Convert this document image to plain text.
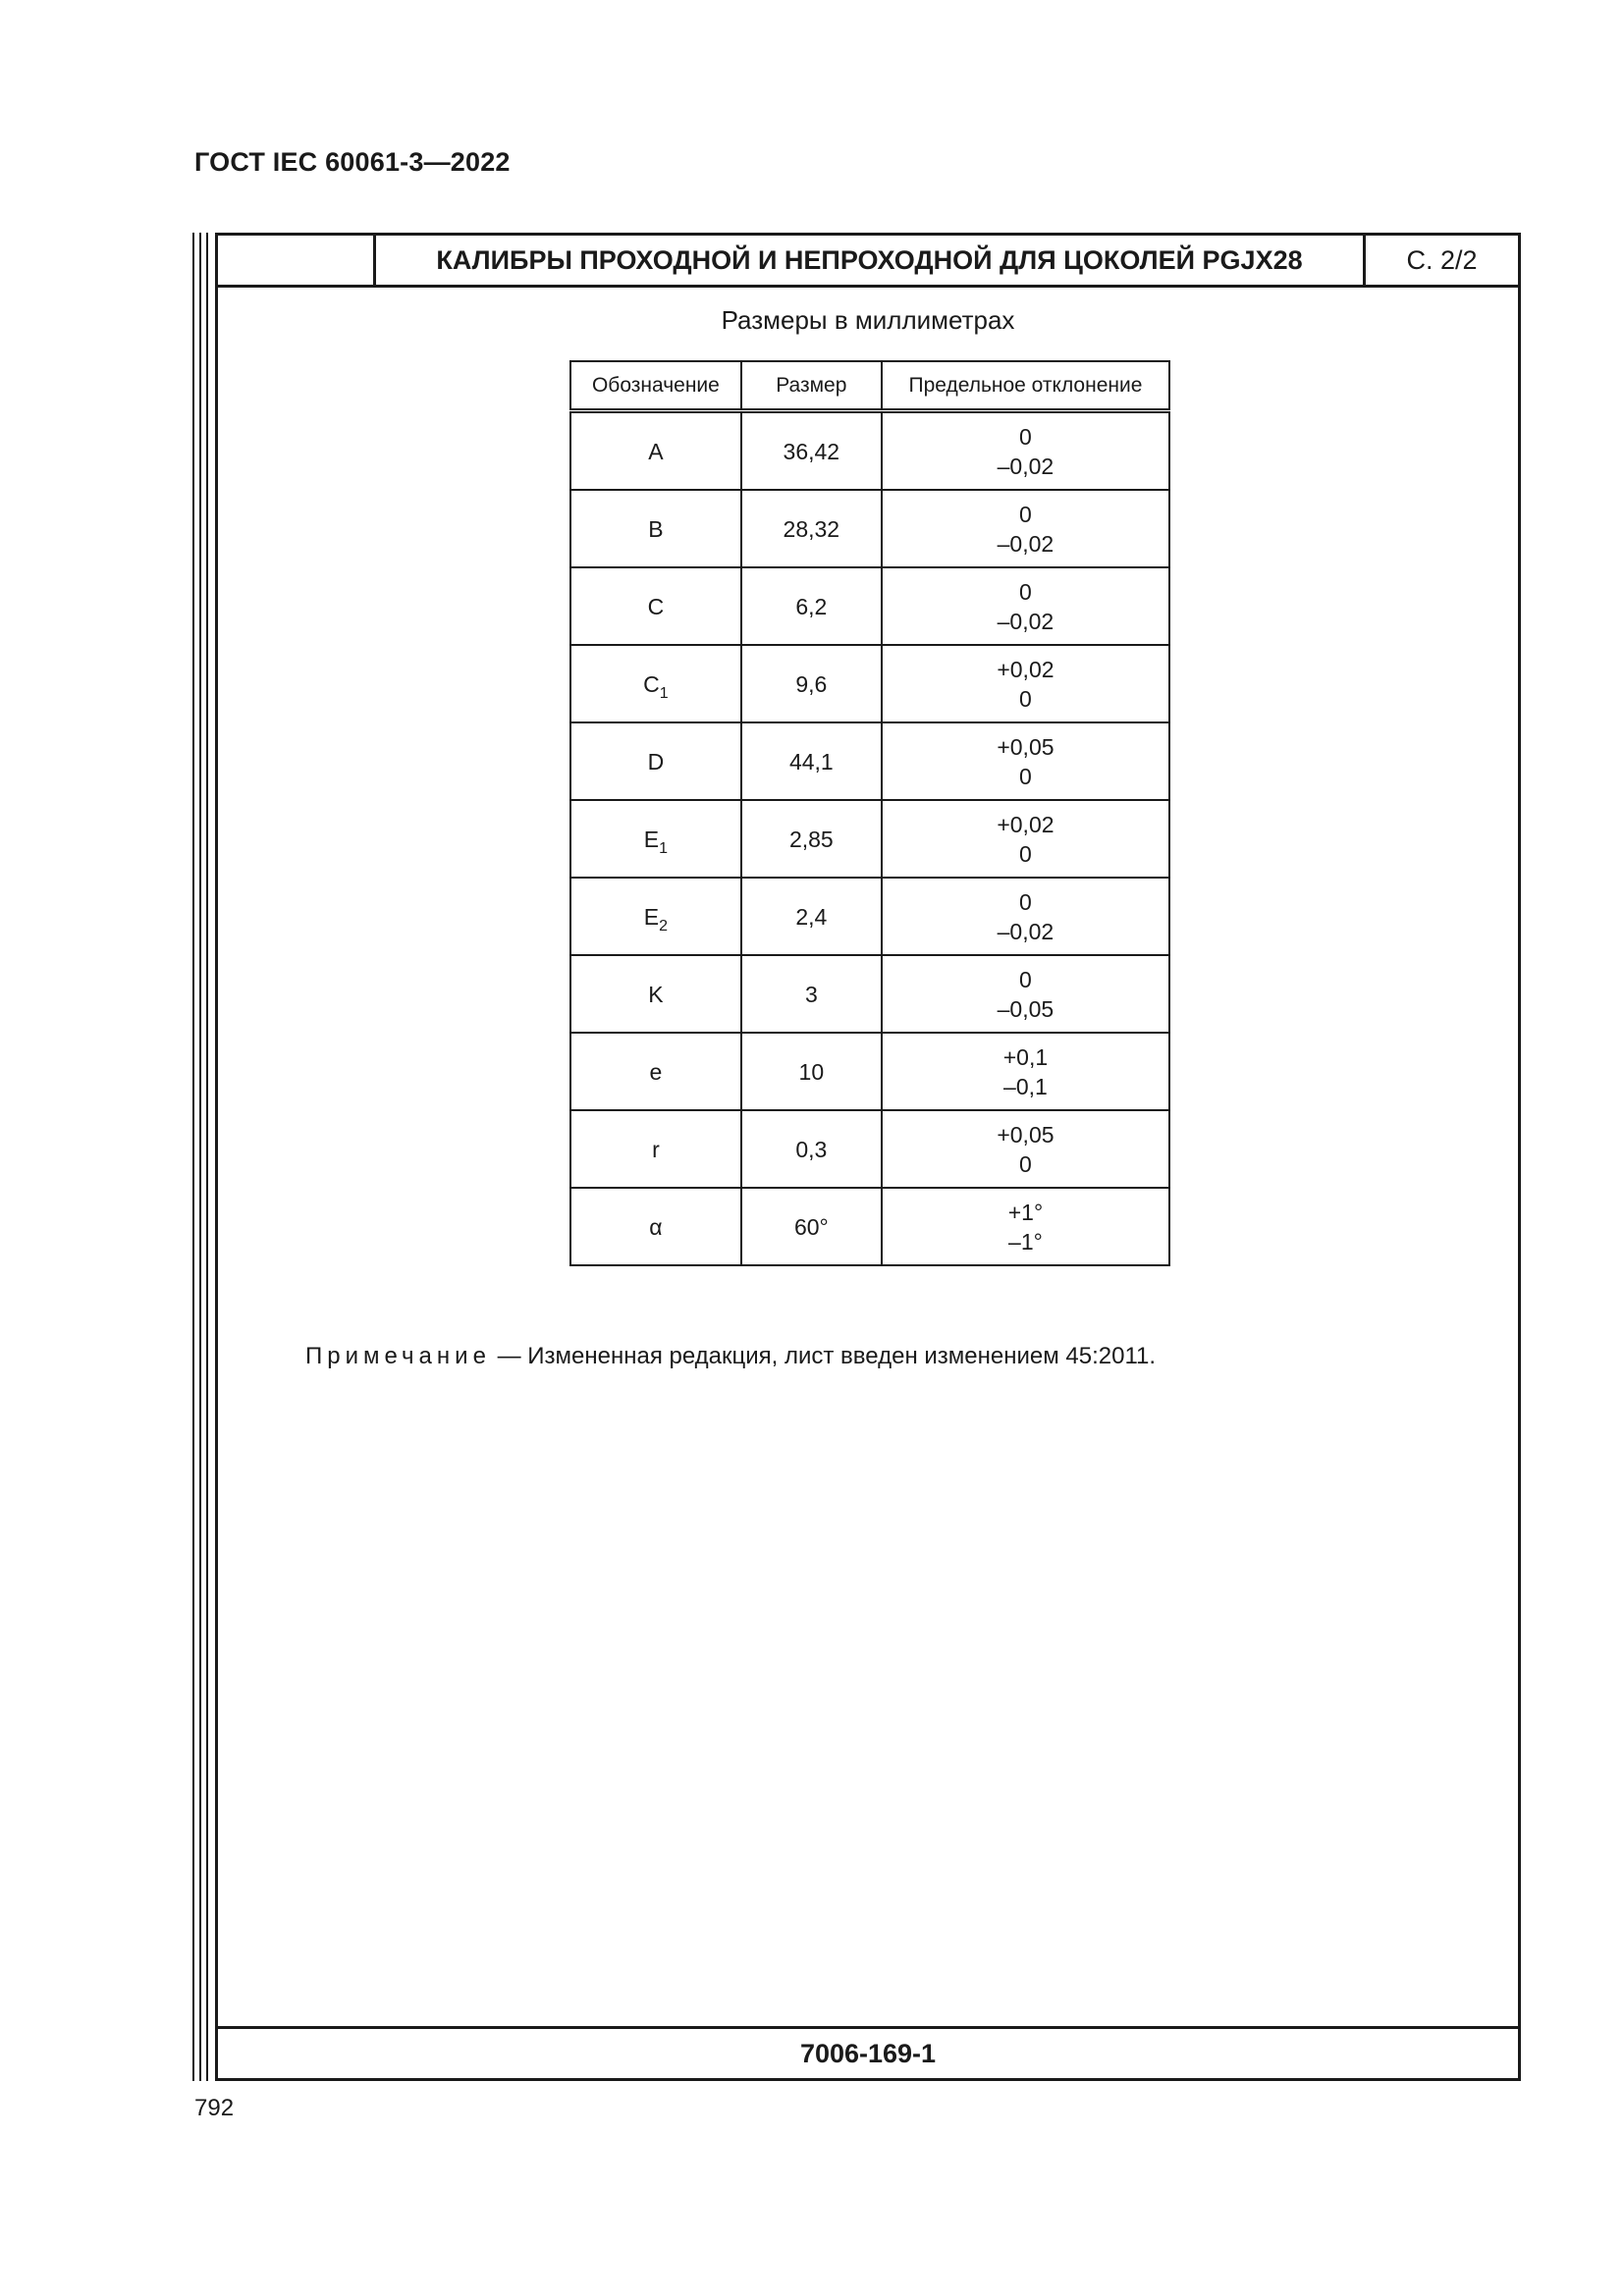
ГОСТ IEC 60061-3—2022
КАЛИБРЫ ПРОХОДНОЙ И НЕПРОХОДНОЙ ДЛЯ ЦОКОЛЕЙ PGJX28	С. 2/2
Размеры в миллиметрах
Обозначение	Размер	Предельное отклонение
A	36,42	0
–0,02

B	28,32	0
–0,02

C	6,2	0
–0,02

$C_1$	9,6	+0,02
0

D	44,1	+0,05
0

$E_1$	2,85	+0,02
0

$E_2$	2,4	0
–0,02

K	3	0
–0,05

e	10	+0,1
–0,1

r	0,3	+0,05
0

α	60°	+1°
–1°
Примечание — Измененная редакция, лист введен изменением 45:2011.
7006-169-1
792
